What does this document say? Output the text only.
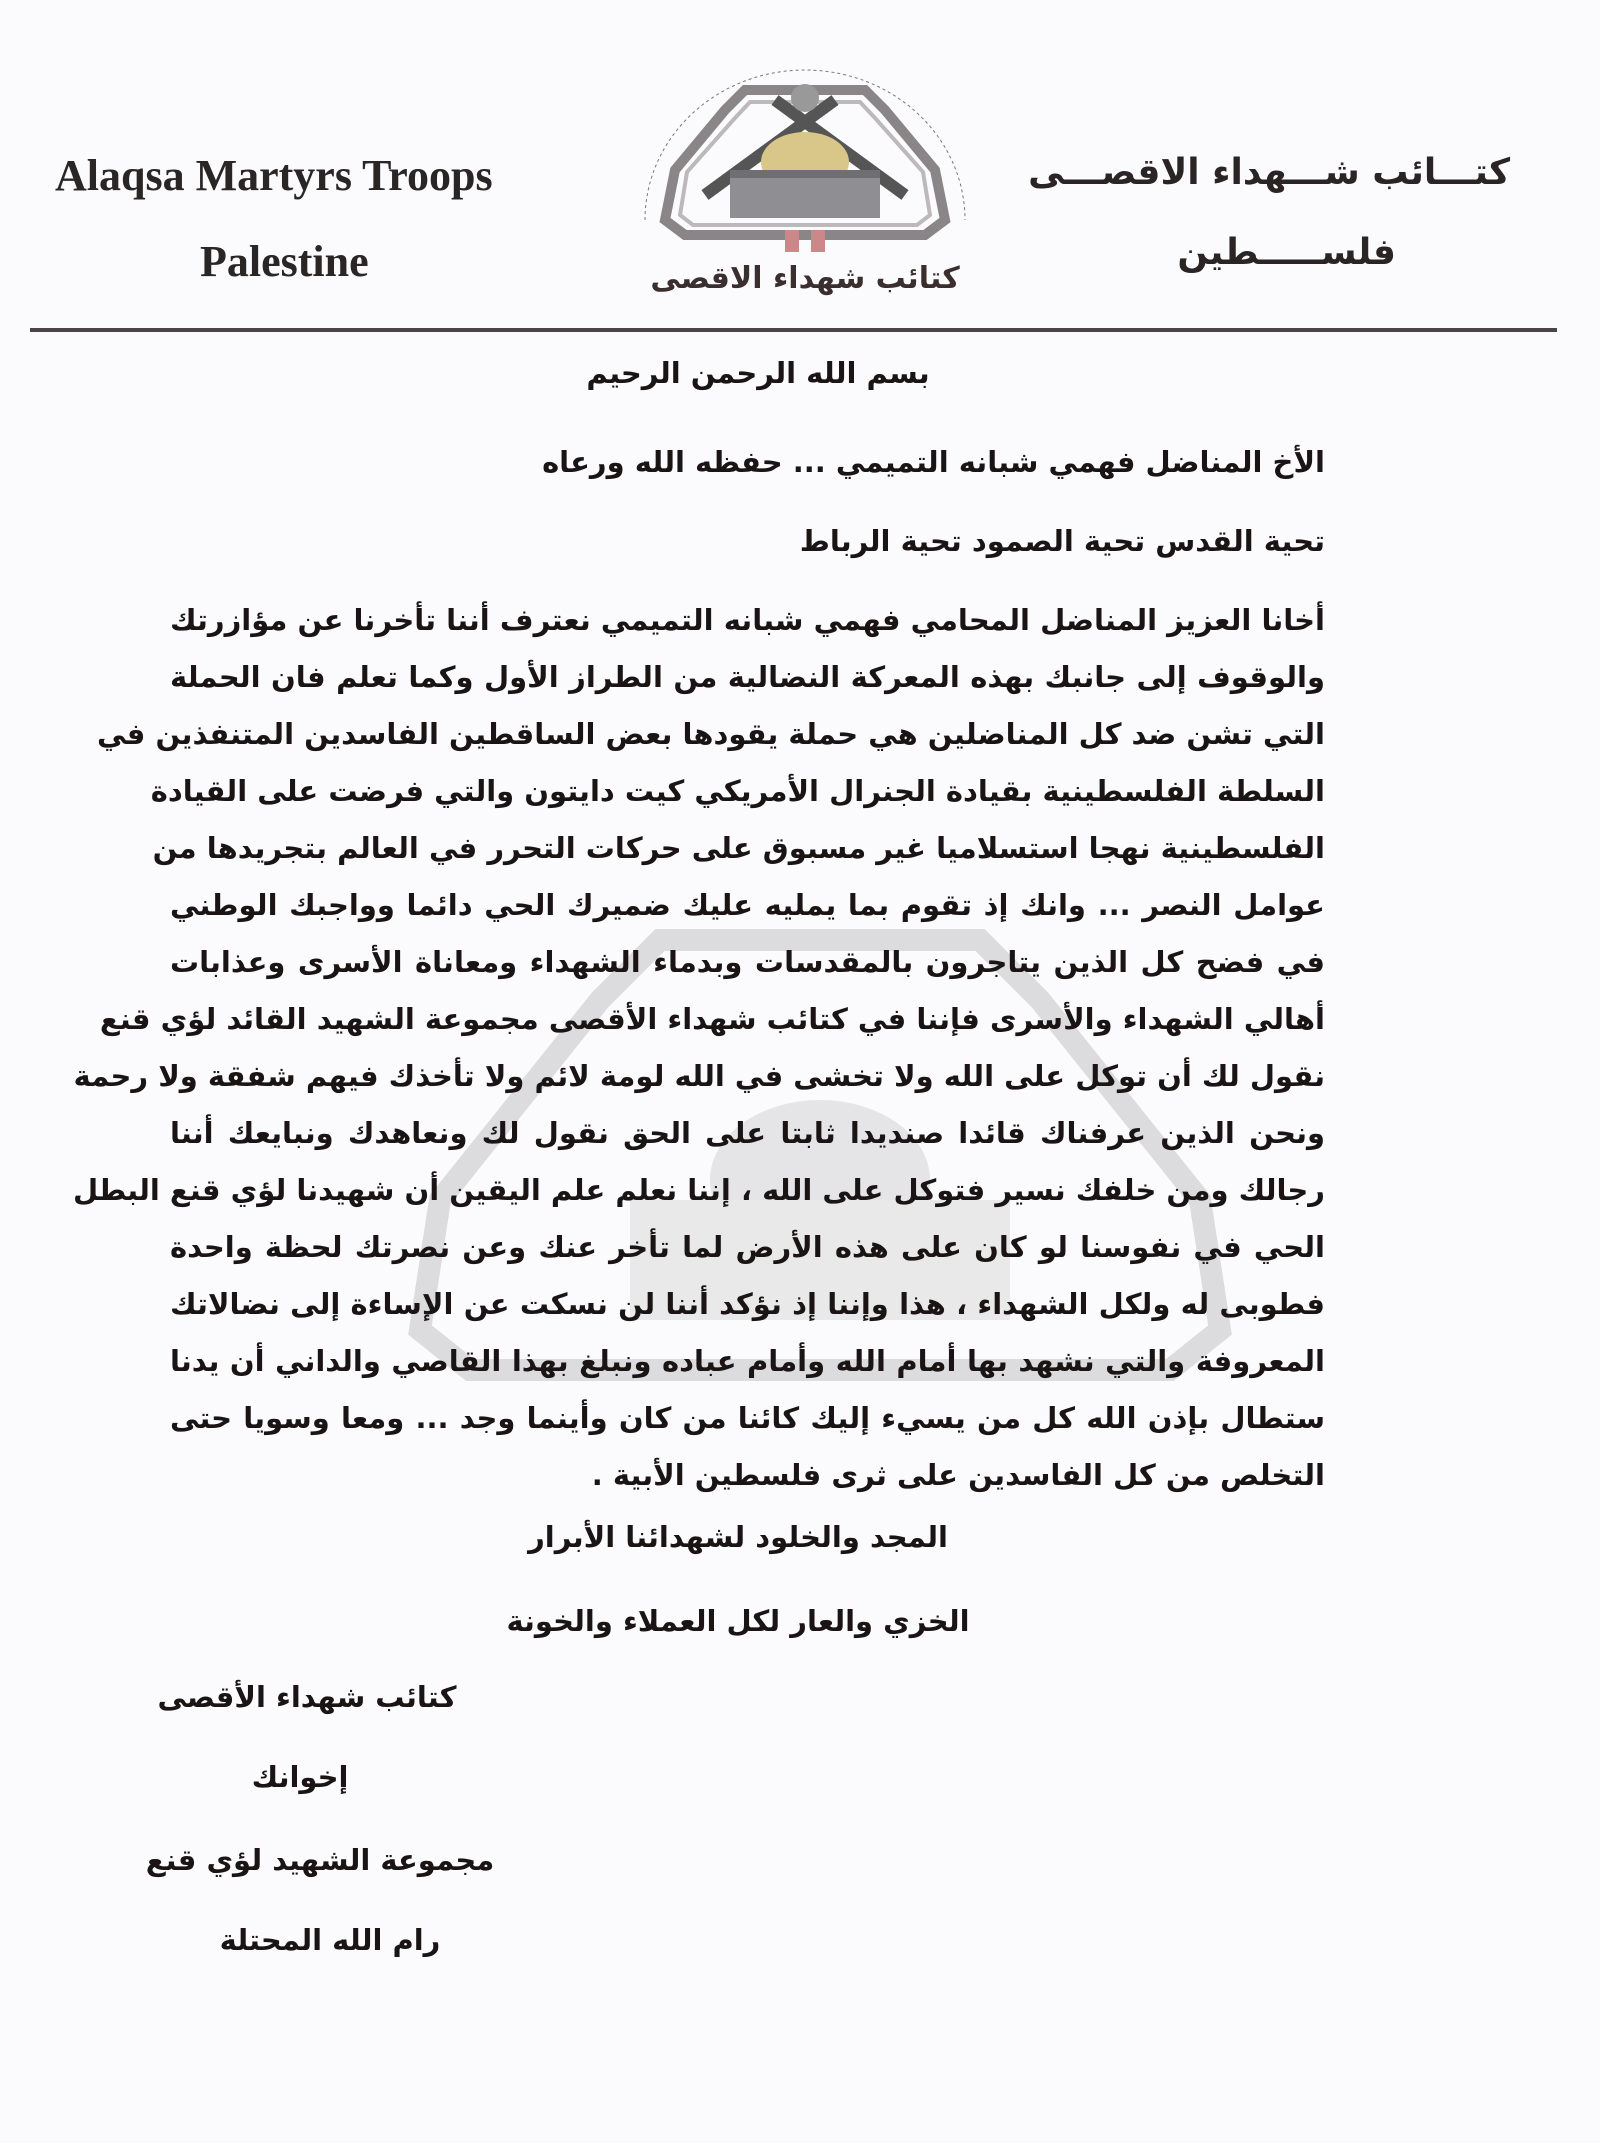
Alaqsa Martyrs Troops
Palestine
كتـــائب شـــهداء الاقصـــى
فلســـــطين
كتائب شهداء الاقصى
بسم الله الرحمن الرحيم
الأخ المناضل فهمي شبانه التميمي ... حفظه الله ورعاه
تحية القدس تحية الصمود تحية الرباط
أخانا العزيز المناضل المحامي فهمي شبانه التميمي نعترف أننا تأخرنا عن مؤازرتك
والوقوف إلى جانبك بهذه المعركة النضالية من الطراز الأول وكما تعلم فان الحملة
التي تشن ضد كل المناضلين هي حملة يقودها بعض الساقطين الفاسدين المتنفذين في
السلطة الفلسطينية بقيادة الجنرال الأمريكي كيت دايتون والتي فرضت على القيادة
الفلسطينية نهجا استسلاميا غير مسبوق على حركات التحرر في العالم بتجريدها من
عوامل النصر ... وانك إذ تقوم بما يمليه عليك ضميرك الحي دائما وواجبك الوطني
في فضح كل الذين يتاجرون بالمقدسات وبدماء الشهداء ومعاناة الأسرى وعذابات
أهالي الشهداء والأسرى فإننا في كتائب شهداء الأقصى مجموعة الشهيد القائد لؤي قنع
نقول لك أن توكل على الله ولا تخشى في الله لومة لائم ولا تأخذك فيهم شفقة ولا رحمة
ونحن الذين عرفناك قائدا صنديدا ثابتا على الحق نقول لك ونعاهدك ونبايعك أننا
رجالك ومن خلفك نسير فتوكل على الله ، إننا نعلم علم اليقين أن شهيدنا لؤي قنع البطل
الحي في نفوسنا لو كان على هذه الأرض لما تأخر عنك وعن نصرتك لحظة واحدة
فطوبى له ولكل الشهداء ، هذا وإننا إذ نؤكد أننا لن نسكت عن الإساءة إلى نضالاتك
المعروفة والتي نشهد بها أمام الله وأمام عباده ونبلغ بهذا القاصي والداني أن يدنا
ستطال بإذن الله كل من يسيء إليك كائنا من كان وأينما وجد ... ومعا وسويا حتى
التخلص من كل الفاسدين على ثرى فلسطين الأبية .
المجد والخلود لشهدائنا الأبرار
الخزي والعار لكل العملاء والخونة
كتائب شهداء الأقصى
إخوانك
مجموعة الشهيد لؤي قنع
رام الله المحتلة
